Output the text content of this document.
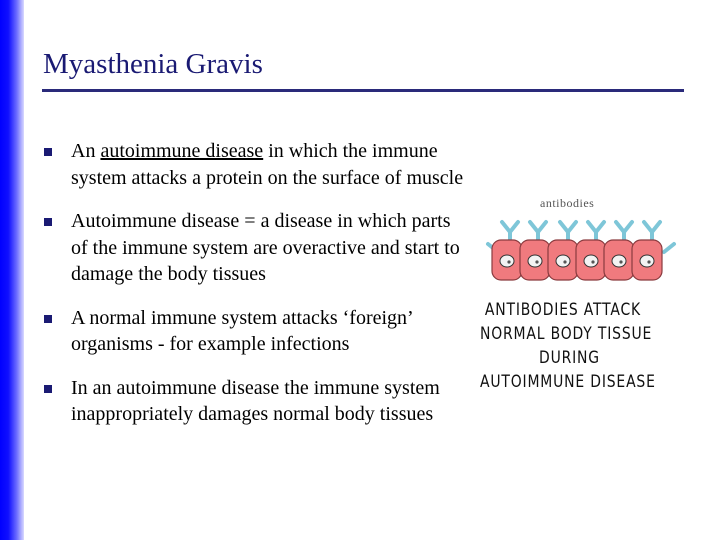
Myasthenia Gravis
An autoimmune disease in which the immune system attacks a protein on the surface of muscle
Autoimmune disease = a disease in which parts of the immune system are overactive and start to damage the body tissues
A normal immune system attacks ‘foreign’ organisms - for example infections
In an autoimmune disease the immune system inappropriately damages normal body tissues
antibodies
ANTIBODIES ATTACK
NORMAL BODY TISSUE
DURING
AUTOIMMUNE DISEASE
